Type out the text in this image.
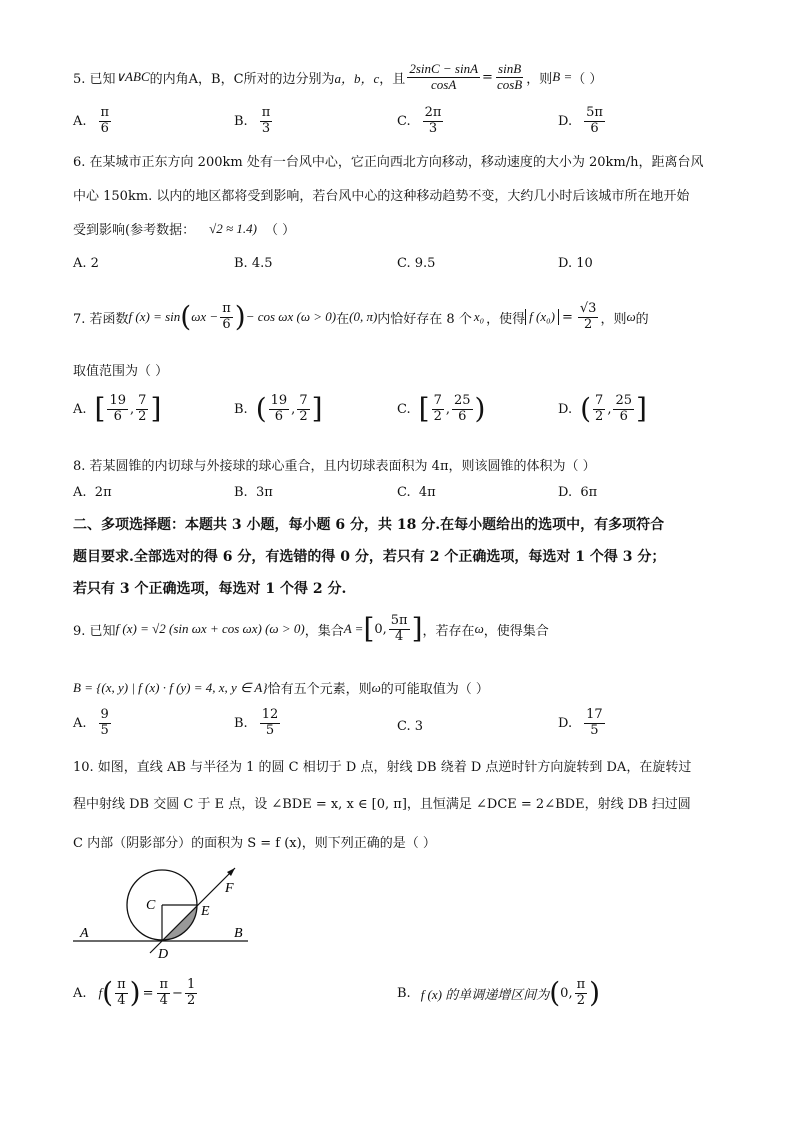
5. 已知 ∨ABC 的内角A，B，C所对的边分别为 a，b，c ，且 $\frac{2\sin C - \sin A}{\cos A} = \frac{\sin B}{\cos B}$ ，则 B = （ ）
A. $\frac{\pi}{6}$	B. $\frac{\pi}{3}$	C. $\frac{2\pi}{3}$	D. $\frac{5\pi}{6}$
6. 在某城市正东方向 200km 处有一台风中心，它正向西北方向移动，移动速度的大小为 20km/h，距离台风
中心 150km. 以内的地区都将受到影响，若台风中心的这种移动趋势不变，大约几小时后该城市所在地开始
受到影响(参考数据： √2 ≈ 1.4) （ ）
A. 2	B. 4.5	C. 9.5	D. 10
7. 若函数 f (x) = sin ( $\omega x - \frac{\pi}{6}$ ) − cos ωx (ω > 0) 在 (0, π) 内恰好存在 8 个 x₀ ，使得 f $(x_0) = \frac{√3}{2}$ ，则 ω 的
取值范围为（ ）
A. [ $\frac{19}{6}$ , $\frac{7}{2}$ ]	B. ( $\frac{19}{6}$ , $\frac{7}{2}$ ]	C. [ $\frac{7}{2}$ , $\frac{25}{6}$ )	D. ( $\frac{7}{2}$ , $\frac{25}{6}$ ]
8. 若某圆锥的内切球与外接球的球心重合，且内切球表面积为 4π，则该圆锥的体积为（ ）
A. 2π	B. 3π	C. 4π	D. 6π
二、多项选择题：本题共 3 小题，每小题 6 分，共 18 分.在每小题给出的选项中，有多项符合
题目要求.全部选对的得 6 分，有选错的得 0 分，若只有 2 个正确选项，每选对 1 个得 3 分；
若只有 3 个正确选项，每选对 1 个得 2 分.
9. 已知 f (x) = √2 (sin ωx + cos ωx) (ω > 0) ，集合 A = [ 0, $\frac{5\pi}{4}$ ] ，若存在 ω ，使得集合
B = {(x, y) | f (x) · f (y) = 4, x, y ∈ A} 恰有五个元素，则 ω 的可能取值为（ ）
A. $\frac{9}{5}$	B. $\frac{12}{5}$	C. 3	D. $\frac{17}{5}$
10. 如图，直线 AB 与半径为 1 的圆 C 相切于 D 点，射线 DB 绕着 D 点逆时针方向旋转到 DA，在旋转过
程中射线 DB 交圆 C 于 E 点，设 ∠BDE = x, x ∈ [0, π]，且恒满足 ∠DCE = 2∠BDE，射线 DB 扫过圆
C 内部（阴影部分）的面积为 S = f (x)，则下列正确的是（ ）
C	E
F
A	B
D
A. f ( $\frac{\pi}{4}$ ) = $\frac{\pi}{4} - \frac{1}{2}$	B. f (x) 的单调递增区间为 ( 0, $\frac{\pi}{2}$ )
